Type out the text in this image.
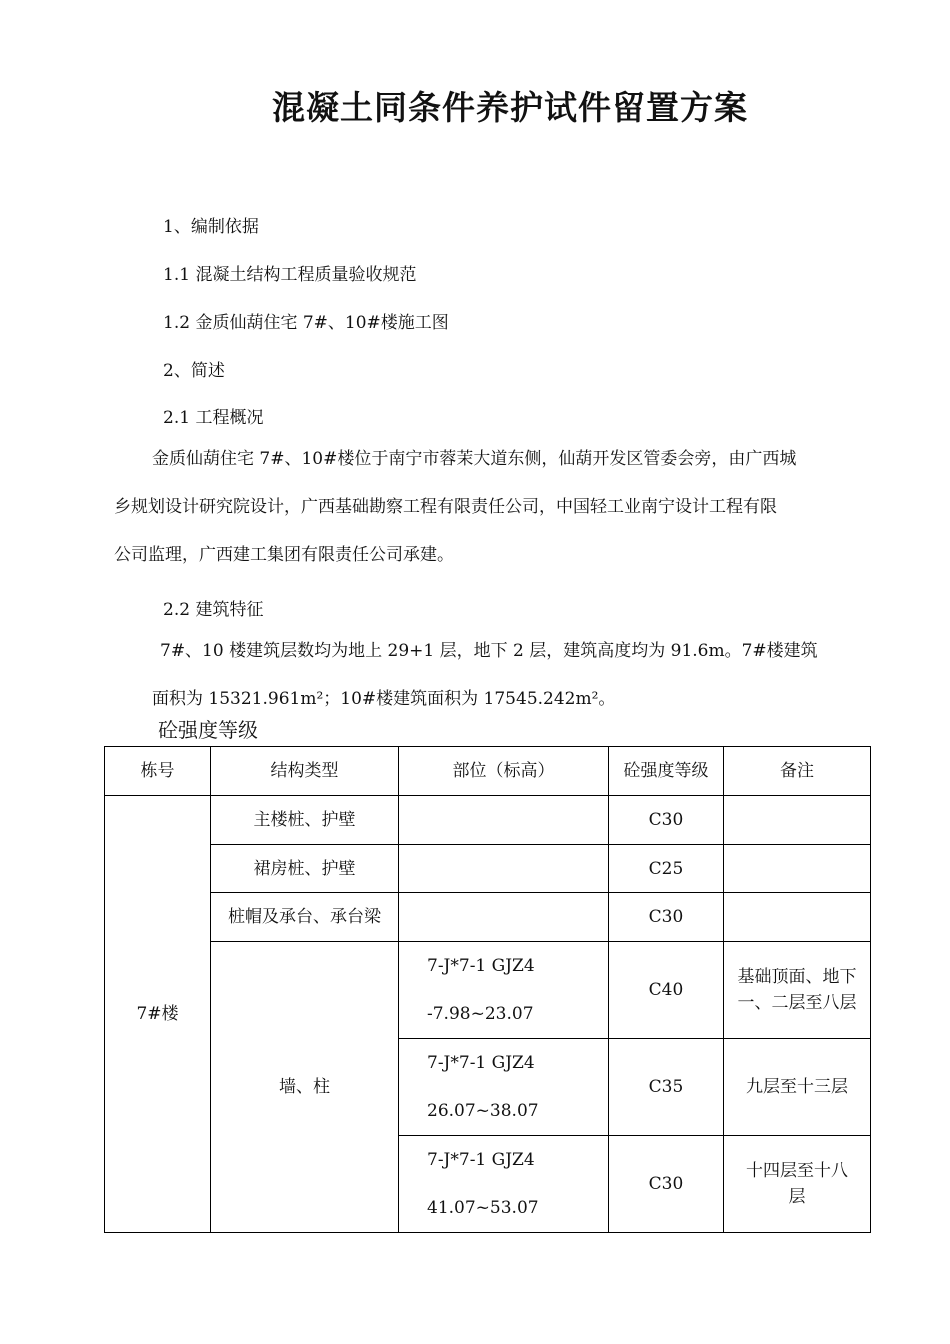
混凝土同条件养护试件留置方案
1、编制依据
1.1 混凝土结构工程质量验收规范
1.2 金质仙葫住宅 7#、10#楼施工图
2、简述
2.1 工程概况
金质仙葫住宅 7#、10#楼位于南宁市蓉茉大道东侧，仙葫开发区管委会旁，由广西城
乡规划设计研究院设计，广西基础勘察工程有限责任公司，中国轻工业南宁设计工程有限
公司监理，广西建工集团有限责任公司承建。
2.2 建筑特征
7#、10 楼建筑层数均为地上 29+1 层，地下 2 层，建筑高度均为 91.6m。7#楼建筑
面积为 15321.961m²；10#楼建筑面积为 17545.242m²。
砼强度等级
栋号	结构类型	部位（标高）	砼强度等级	备注
7#楼	主楼桩、护壁		C30	
	裙房桩、护壁		C25	
	桩帽及承台、承台梁		C30	
	墙、柱	7-J*7-1 GJZ4
-7.98~23.07	C40	基础顶面、地下
一、二层至八层

		7-J*7-1 GJZ4
26.07~38.07	C35	九层至十三层

		7-J*7-1 GJZ4
41.07~53.07	C30	十四层至十八
层
